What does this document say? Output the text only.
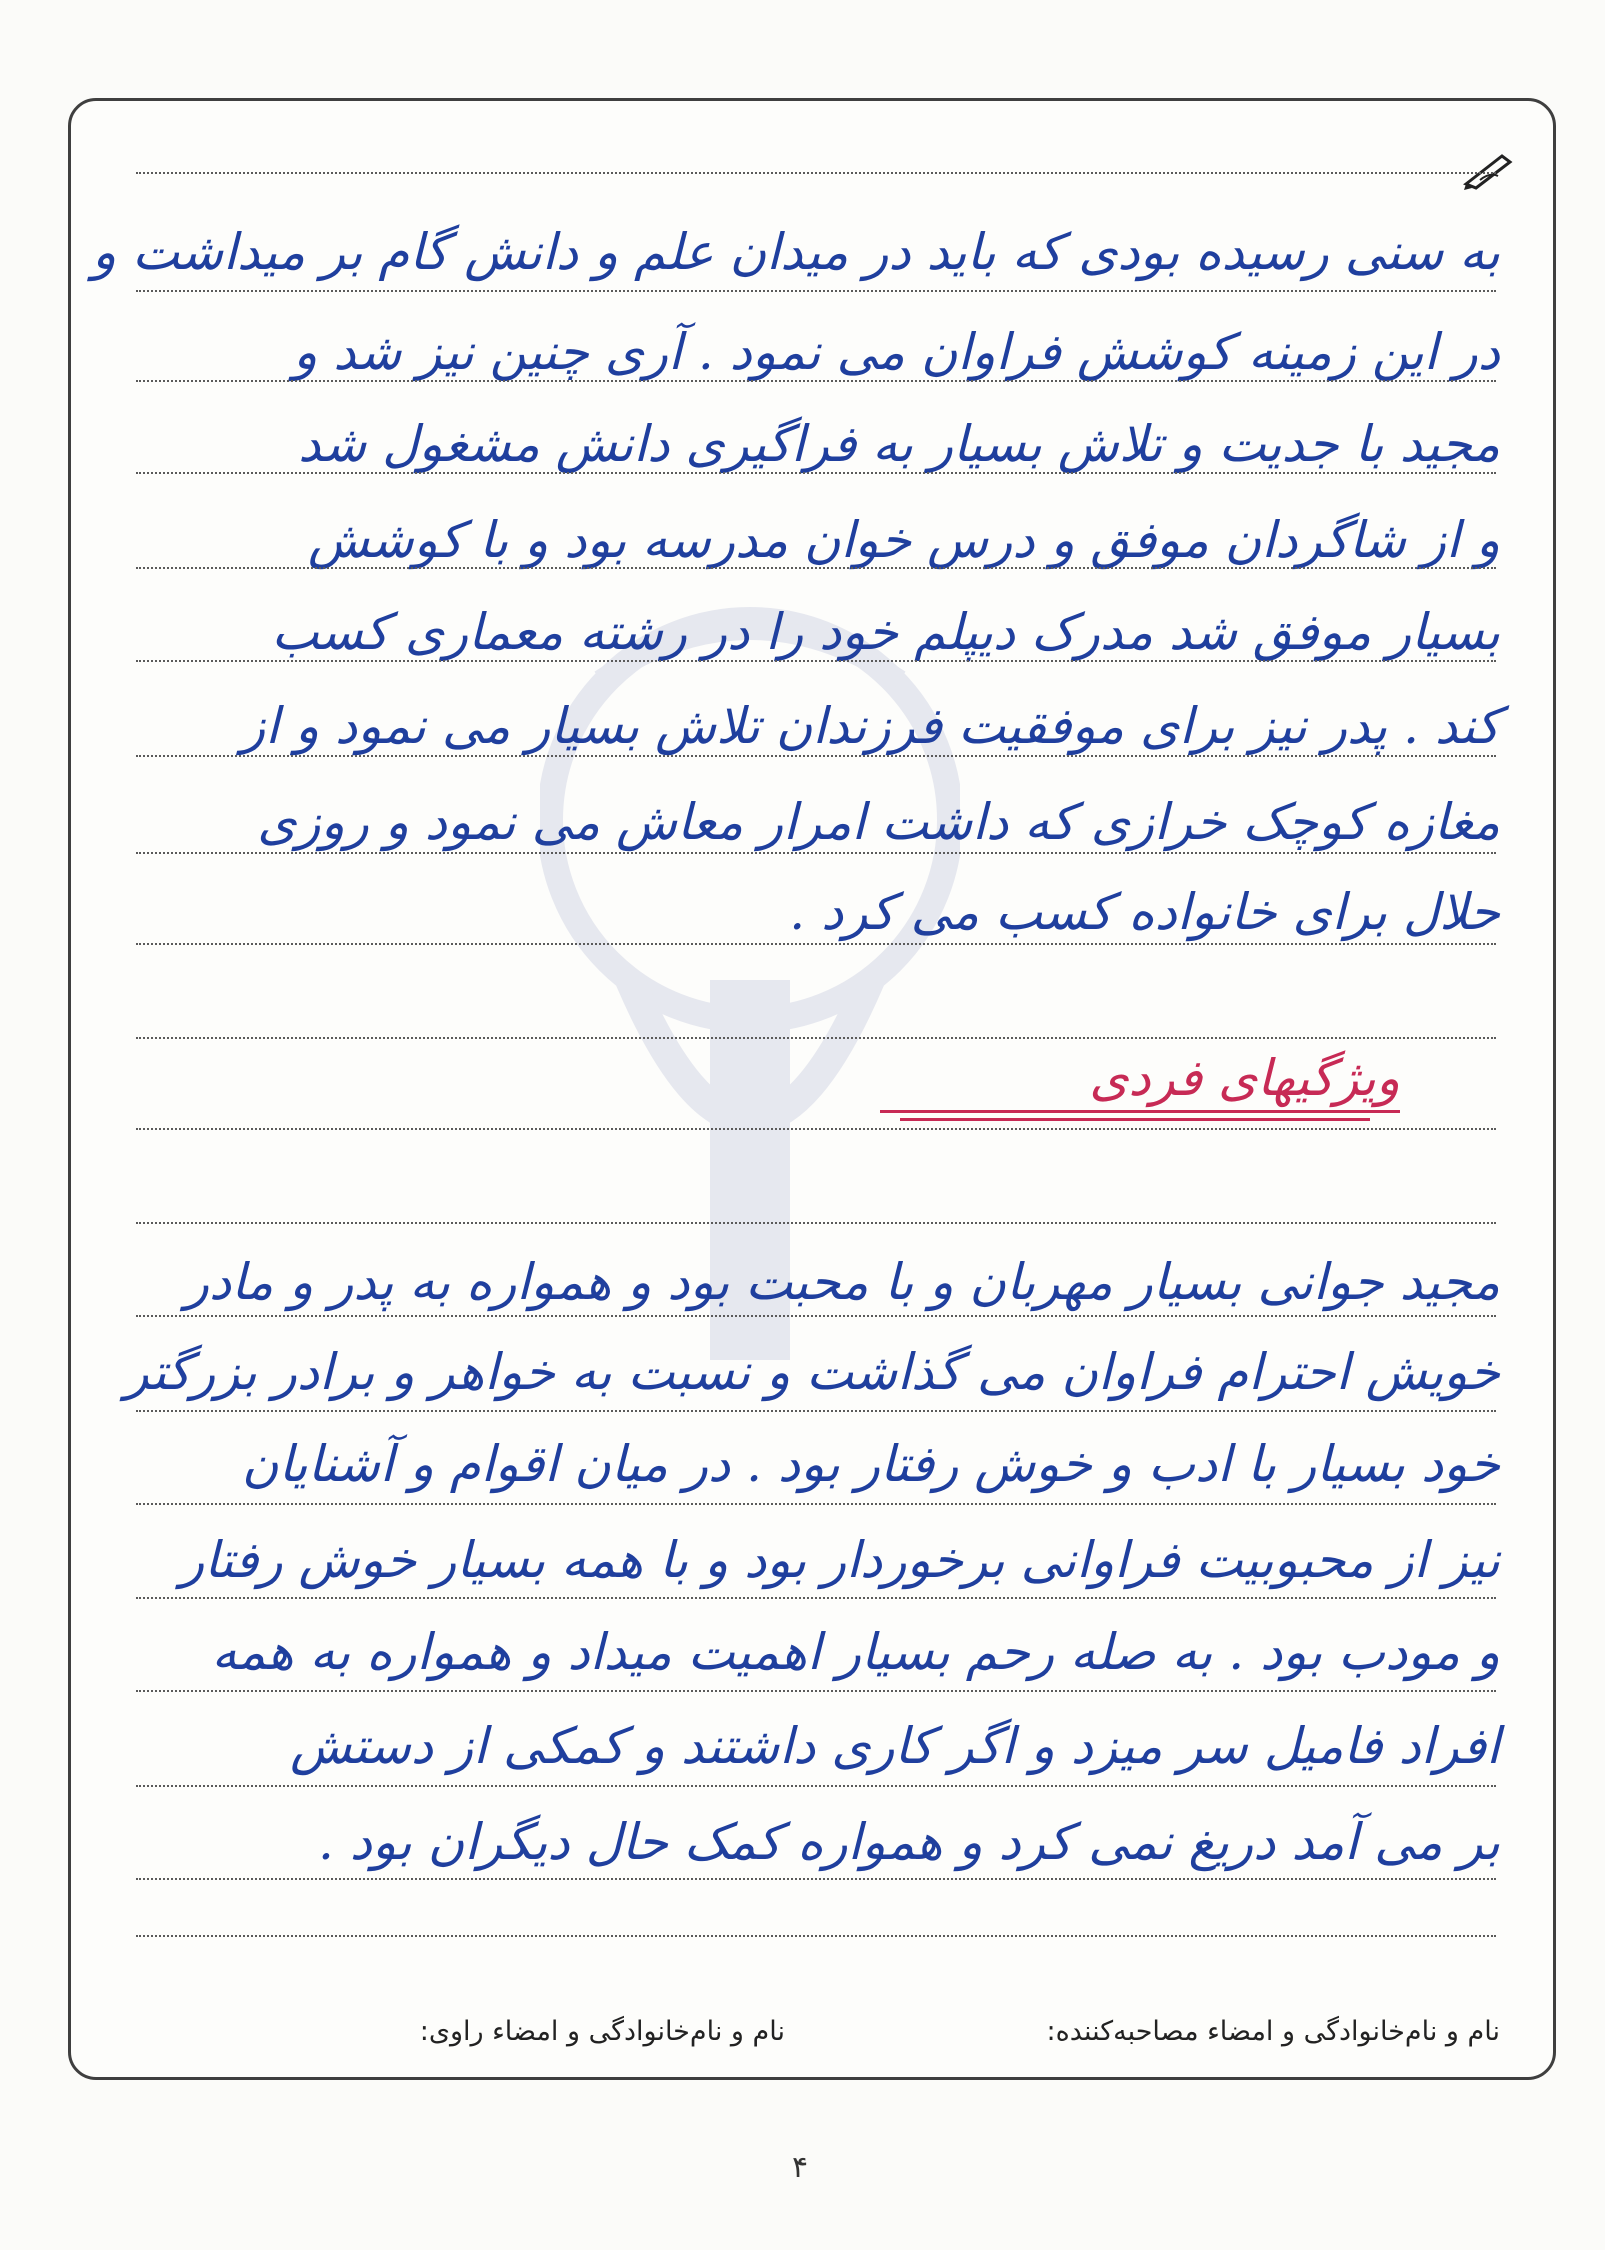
به سنی رسیده بودی که باید در میدان علم و دانش گام بر میداشت و
در این زمینه کوشش فراوان می نمود . آری چنین نیز شد و
مجید با جدیت و تلاش بسیار به فراگیری دانش مشغول شد
و از شاگردان موفق و درس خوان مدرسه بود و با کوشش
بسیار موفق شد مدرک دیپلم خود را در رشته معماری کسب
کند . پدر نیز برای موفقیت فرزندان تلاش بسیار می نمود و از
مغازه کوچک خرازی که داشت امرار معاش می نمود و روزی
حلال برای خانواده کسب می کرد .
مجید جوانی بسیار مهربان و با محبت بود و همواره به پدر و مادر
خویش احترام فراوان می گذاشت و نسبت به خواهر و برادر بزرگتر
خود بسیار با ادب و خوش رفتار بود . در میان اقوام و آشنایان
نیز از محبوبیت فراوانی برخوردار بود و با همه بسیار خوش رفتار
و مودب بود . به صله رحم بسیار اهمیت میداد و همواره به همه
افراد فامیل سر میزد و اگر کاری داشتند و کمکی از دستش
بر می آمد دریغ نمی کرد و همواره کمک حال دیگران بود .
ویژگیهای فردی
نام و نام‌خانوادگی و امضاء مصاحبه‌کننده:
نام و نام‌خانوادگی و امضاء راوی:
۴
